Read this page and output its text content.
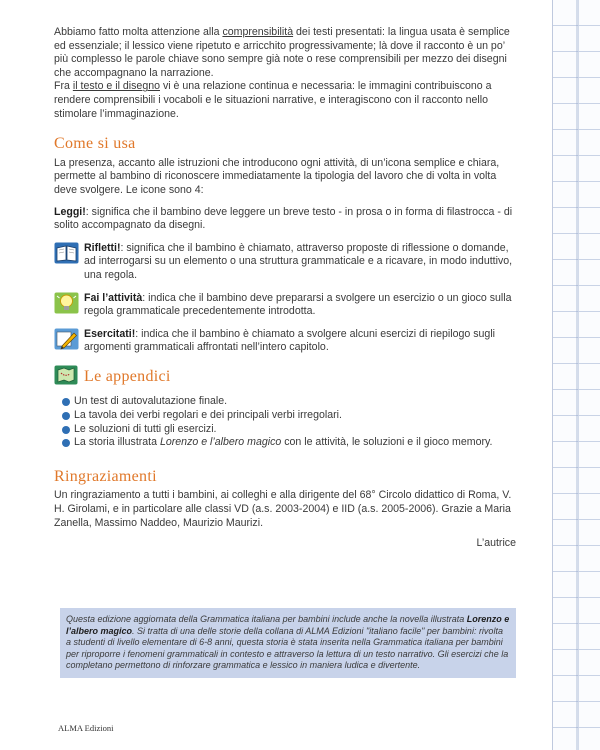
Abbiamo fatto molta attenzione alla comprensibilità dei testi presentati: la lingua usata è semplice ed essenziale; il lessico viene ripetuto e arricchito progressivamente; là dove il racconto è un po’ più complesso le parole chiave sono sempre già note o rese comprensibili per mezzo dei disegni che accompagnano la narrazione.

Fra il testo e il disegno vi è una relazione continua e necessaria: le immagini contribuiscono a rendere comprensibili i vocaboli e le situazioni narrative, e interagiscono con il racconto nello stimolare l’immaginazione.

Come si usa

La presenza, accanto alle istruzioni che introducono ogni attività, di un’icona semplice e chiara, permette al bambino di riconoscere immediatamente la tipologia del lavoro che di volta in volta deve svolgere. Le icone sono 4:

Leggi!: significa che il bambino deve leggere un breve testo - in prosa o in forma di filastrocca - di solito accompagnato da disegni.

Rifletti!: significa che il bambino è chiamato, attraverso proposte di riflessione o domande, ad interrogarsi su un elemento o una struttura grammaticale e a ricavare, in modo induttivo, una regola.
Fai l’attività: indica che il bambino deve prepararsi a svolgere un esercizio o un gioco sulla regola grammaticale precedentemente introdotta.
Esercitati!: indica che il bambino è chiamato a svolgere alcuni esercizi di riepilogo sugli argomenti grammaticali affrontati nell’intero capitolo.
Le appendici
Un test di autovalutazione finale.
La tavola dei verbi regolari e dei principali verbi irregolari.
Le soluzioni di tutti gli esercizi.
La storia illustrata Lorenzo e l’albero magico con le attività, le soluzioni e il gioco memory.
Ringraziamenti

Un ringraziamento a tutti i bambini, ai colleghi e alla dirigente del 68° Circolo didattico di Roma, V. H. Girolami, e in particolare alle classi VD (a.s. 2003-2004) e IID (a.s. 2005-2006). Grazie a Maria Zanella, Massimo Naddeo, Maurizio Maurizi.

L’autrice

Questa edizione aggiornata della Grammatica italiana per bambini include anche la novella illustrata Lorenzo e l’albero magico. Si tratta di una delle storie della collana di ALMA Edizioni "italiano facile" per bambini: rivolta a studenti di livello elementare di 6-8 anni, questa storia è stata inserita nella Grammatica italiana per bambini per riproporre i fenomeni grammaticali in contesto e attraverso la lettura di un testo narrativo. Gli esercizi che la completano permettono di rinforzare grammatica e lessico in maniera ludica e divertente.
ALMA Edizioni
